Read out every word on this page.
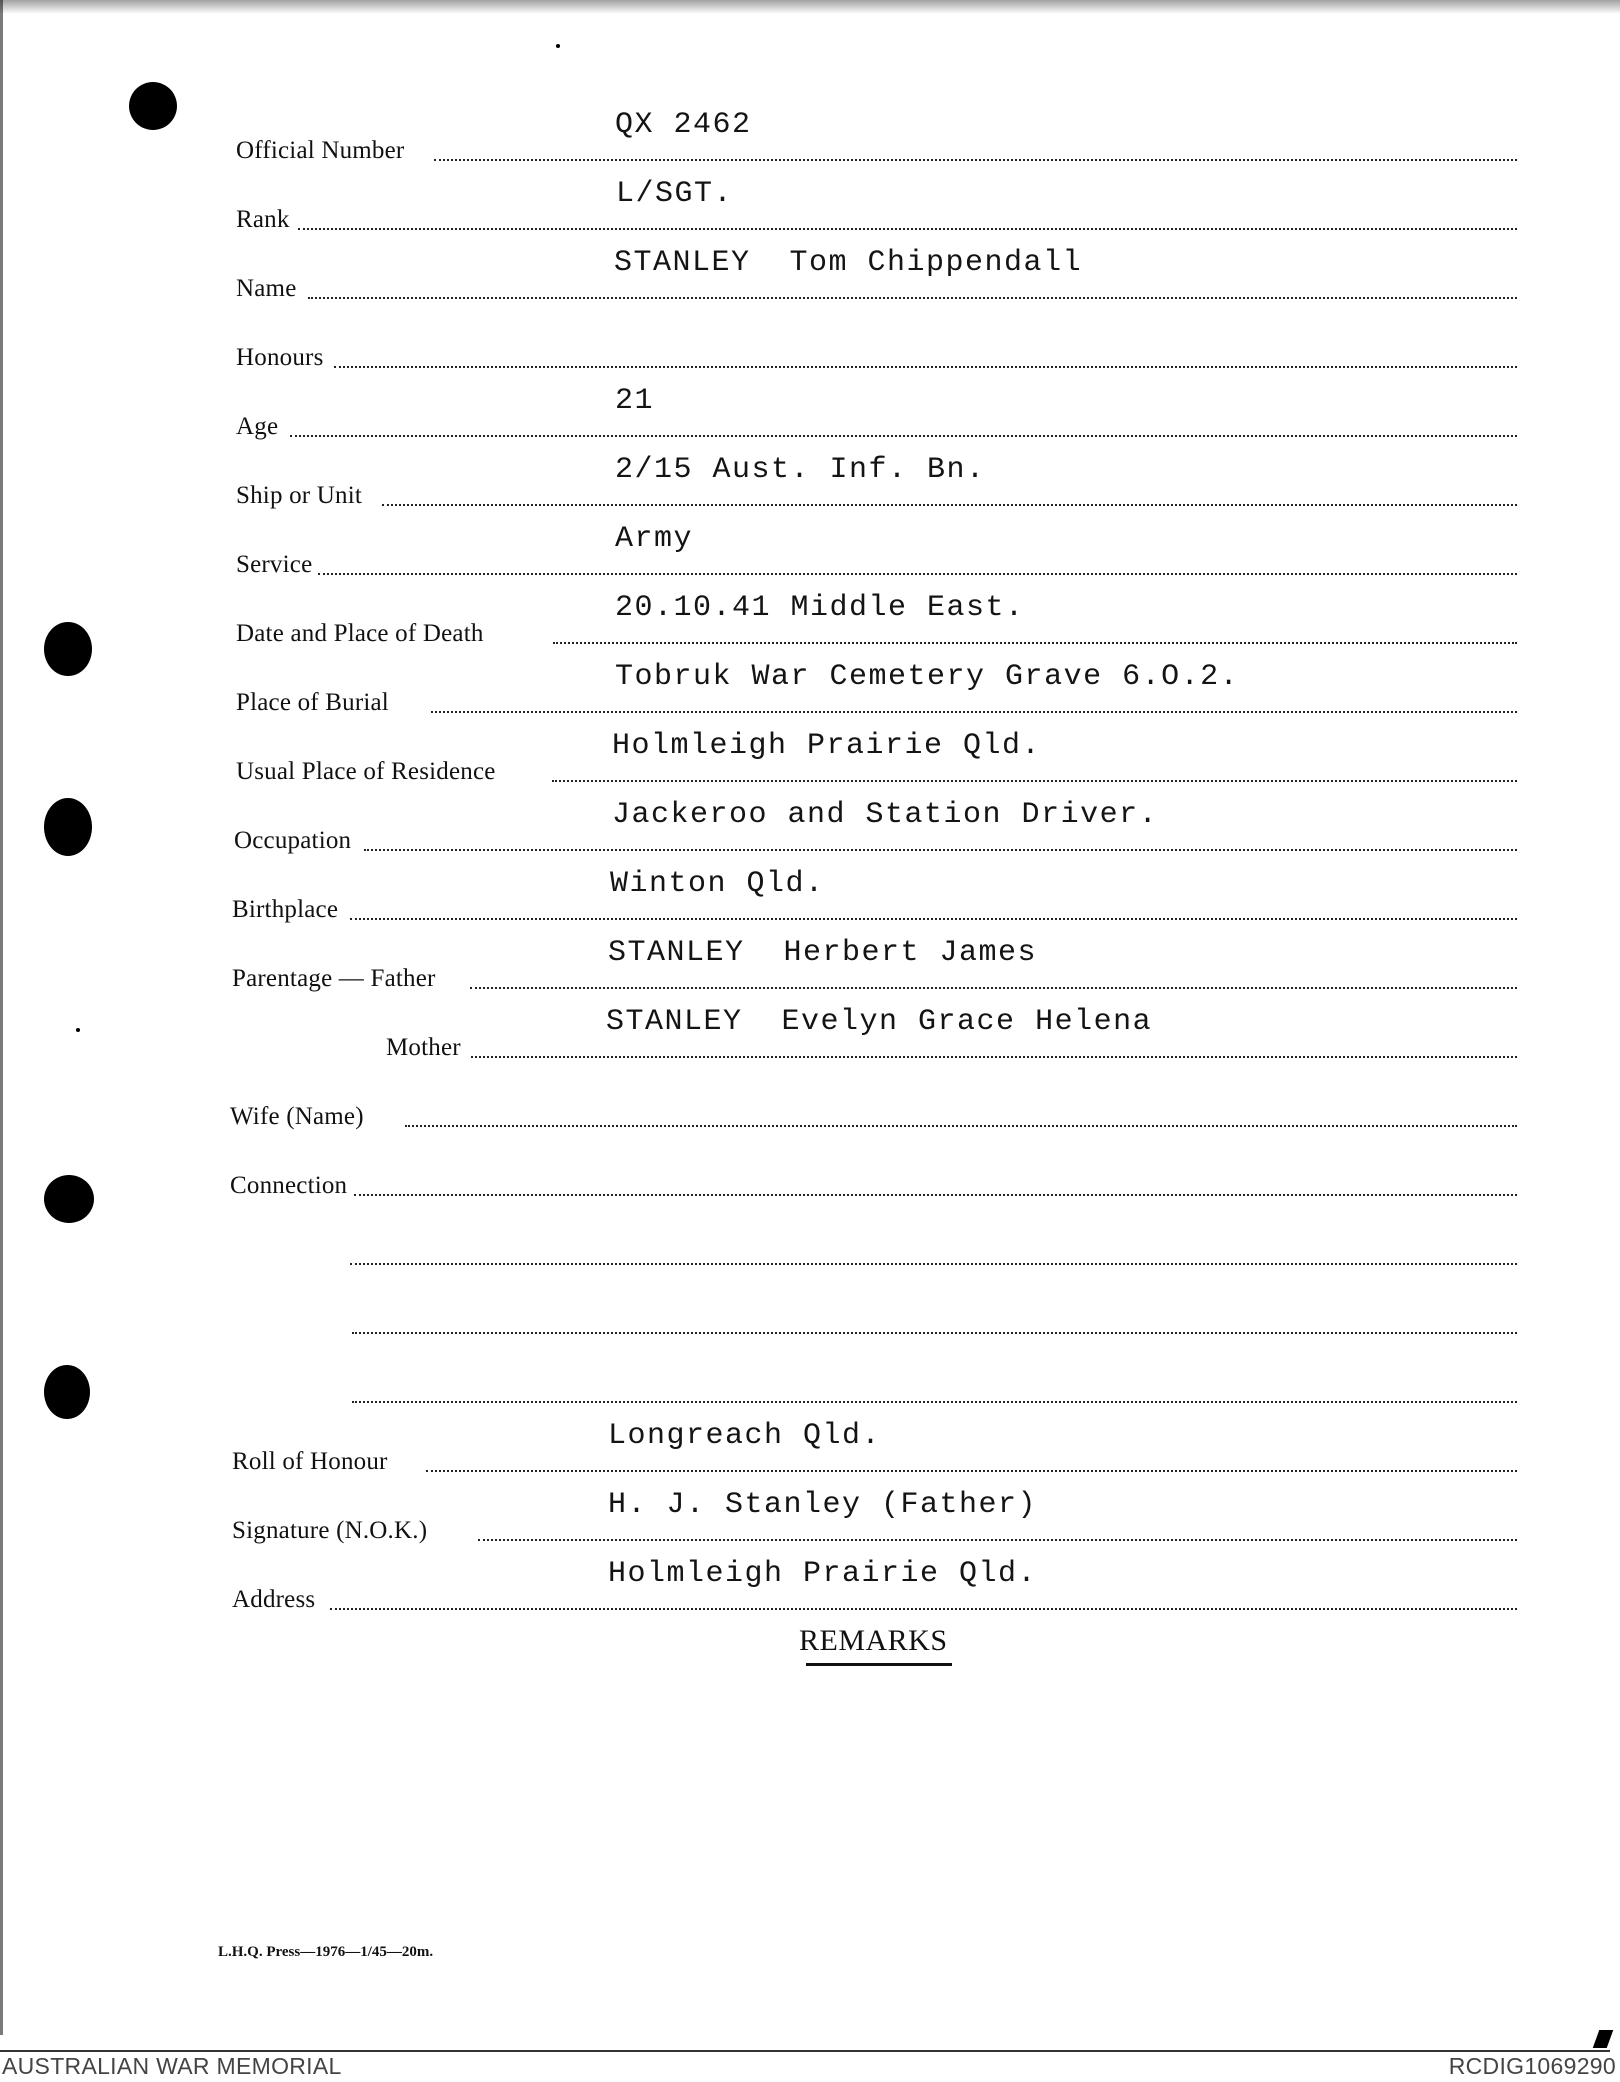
Official Number
QX 2462
Rank
L/SGT.
Name
STANLEY  Tom Chippendall
Honours
Age
21
Ship or Unit
2/15 Aust. Inf. Bn.
Service
Army
Date and Place of Death
20.10.41 Middle East.
Place of Burial
Tobruk War Cemetery Grave 6.O.2.
Usual Place of Residence
Holmleigh Prairie Qld.
Occupation
Jackeroo and Station Driver.
Birthplace
Winton Qld.
Parentage — Father
STANLEY  Herbert James
Mother
STANLEY  Evelyn Grace Helena
Wife (Name)
Connection
Roll of Honour
Longreach Qld.
Signature (N.O.K.)
H. J. Stanley (Father)
Address
Holmleigh Prairie Qld.
REMARKS
L.H.Q. Press—1976—1/45—20m.
AUSTRALIAN WAR MEMORIAL	RCDIG1069290
